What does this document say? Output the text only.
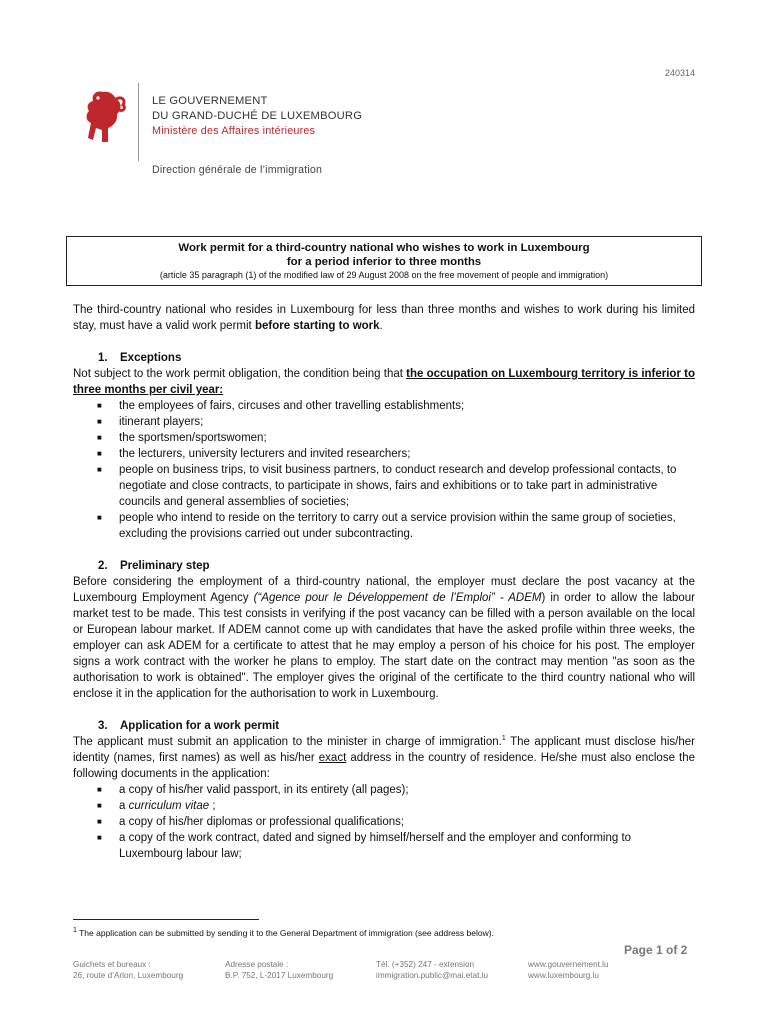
240314
LE GOUVERNEMENT
DU GRAND-DUCHÉ DE LUXEMBOURG
Ministère des Affaires intérieures
Direction générale de l’immigration
Work permit for a third-country national who wishes to work in Luxembourg
for a period inferior to three months
(article 35 paragraph (1) of the modified law of 29 August 2008 on the free movement of people and immigration)

The third-country national who resides in Luxembourg for less than three months and wishes to work during his limited stay, must have a valid work permit before starting to work.

1. Exceptions

Not subject to the work permit obligation, the condition being that the occupation on Luxembourg territory is inferior to three months per civil year:

■ the employees of fairs, circuses and other travelling establishments;
■ itinerant players;
■ the sportsmen/sportswomen;
■ the lecturers, university lecturers and invited researchers;
■ people on business trips, to visit business partners, to conduct research and develop professional contacts, to negotiate and close contracts, to participate in shows, fairs and exhibitions or to take part in administrative councils and general assemblies of societies;
■ people who intend to reside on the territory to carry out a service provision within the same group of societies, excluding the provisions carried out under subcontracting.
2. Preliminary step

Before considering the employment of a third-country national, the employer must declare the post vacancy at the Luxembourg Employment Agency (“Agence pour le Développement de l’Emploi” - ADEM) in order to allow the labour market test to be made. This test consists in verifying if the post vacancy can be filled with a person available on the local or European labour market. If ADEM cannot come up with candidates that have the asked profile within three weeks, the employer can ask ADEM for a certificate to attest that he may employ a person of his choice for his post. The employer signs a work contract with the worker he plans to employ. The start date on the contract may mention "as soon as the authorisation to work is obtained". The employer gives the original of the certificate to the third country national who will enclose it in the application for the authorisation to work in Luxembourg.

3. Application for a work permit

The applicant must submit an application to the minister in charge of immigration.$^1$ The applicant must disclose his/her identity (names, first names) as well as his/her exact address in the country of residence. He/she must also enclose the following documents in the application:

■ a copy of his/her valid passport, in its entirety (all pages);
■ a curriculum vitae ;
■ a copy of his/her diplomas or professional qualifications;
■ a copy of the work contract, dated and signed by himself/herself and the employer and conforming to Luxembourg labour law;
$^1$ The application can be submitted by sending it to the General Department of immigration (see address below).
Page 1 of 2
Guichets et bureaux :
26, route d’Arlon, Luxembourg
Adresse postale :
B.P. 752, L-2017 Luxembourg
Tél. (+352) 247 - extension
immigration.public@mai.etat.lu
www.gouvernement.lu
www.luxembourg.lu
